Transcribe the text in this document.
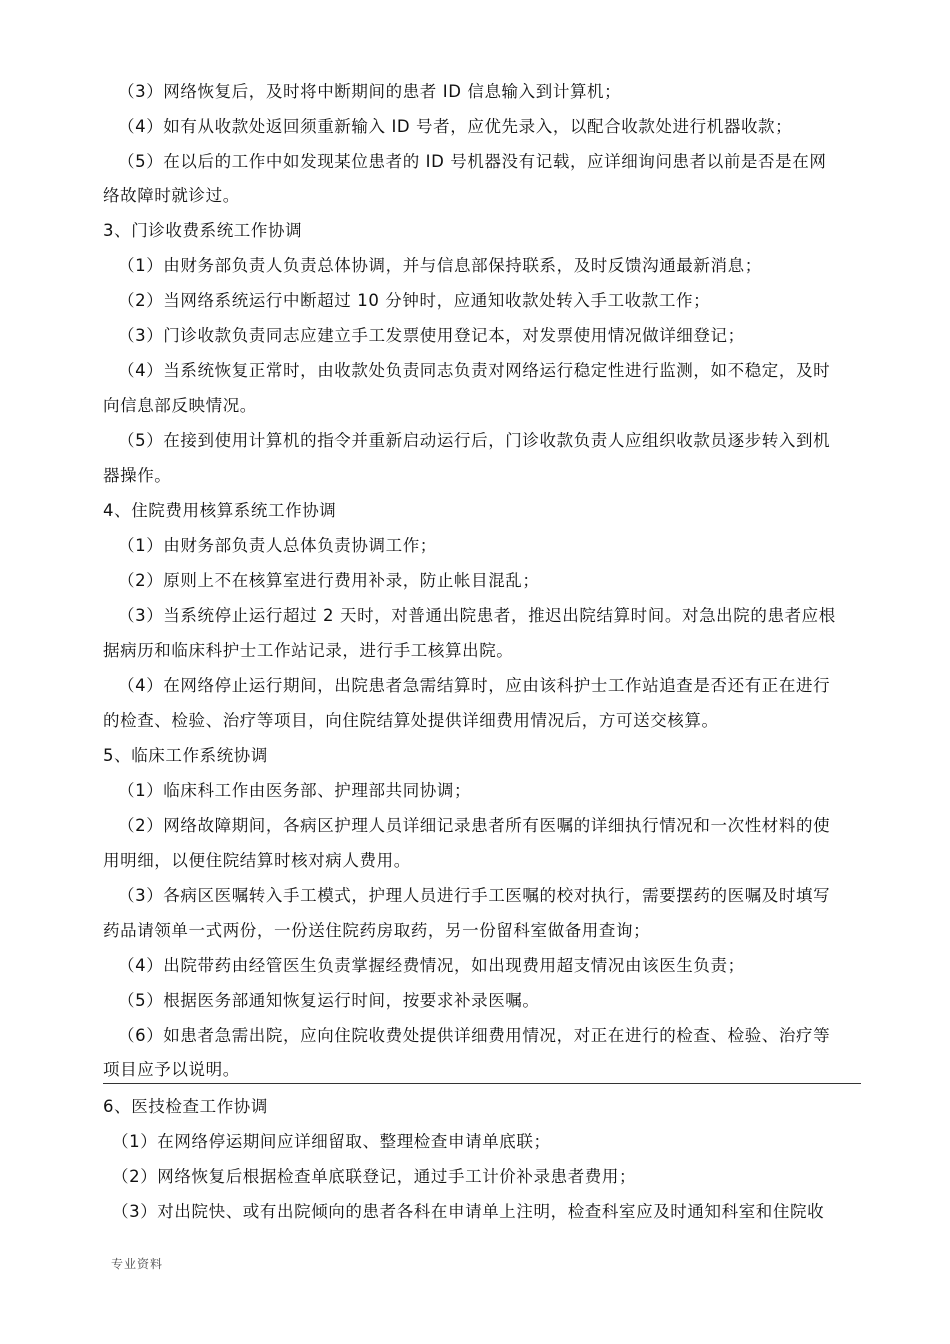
（3）网络恢复后，及时将中断期间的患者 ID 信息输入到计算机；
（4）如有从收款处返回须重新输入 ID 号者，应优先录入，以配合收款处进行机器收款；
（5）在以后的工作中如发现某位患者的 ID 号机器没有记载，应详细询问患者以前是否是在网
络故障时就诊过。
3、门诊收费系统工作协调
（1）由财务部负责人负责总体协调，并与信息部保持联系，及时反馈沟通最新消息；
（2）当网络系统运行中断超过 10 分钟时，应通知收款处转入手工收款工作；
（3）门诊收款负责同志应建立手工发票使用登记本，对发票使用情况做详细登记；
（4）当系统恢复正常时，由收款处负责同志负责对网络运行稳定性进行监测，如不稳定，及时
向信息部反映情况。
（5）在接到使用计算机的指令并重新启动运行后，门诊收款负责人应组织收款员逐步转入到机
器操作。
4、住院费用核算系统工作协调
（1）由财务部负责人总体负责协调工作；
（2）原则上不在核算室进行费用补录，防止帐目混乱；
（3）当系统停止运行超过 2 天时，对普通出院患者，推迟出院结算时间。对急出院的患者应根
据病历和临床科护士工作站记录，进行手工核算出院。
（4）在网络停止运行期间，出院患者急需结算时，应由该科护士工作站追查是否还有正在进行
的检查、检验、治疗等项目，向住院结算处提供详细费用情况后，方可送交核算。
5、临床工作系统协调
（1）临床科工作由医务部、护理部共同协调；
（2）网络故障期间，各病区护理人员详细记录患者所有医嘱的详细执行情况和一次性材料的使
用明细，以便住院结算时核对病人费用。
（3）各病区医嘱转入手工模式，护理人员进行手工医嘱的校对执行，需要摆药的医嘱及时填写
药品请领单一式两份，一份送住院药房取药，另一份留科室做备用查询；
（4）出院带药由经管医生负责掌握经费情况，如出现费用超支情况由该医生负责；
（5）根据医务部通知恢复运行时间，按要求补录医嘱。
（6）如患者急需出院，应向住院收费处提供详细费用情况，对正在进行的检查、检验、治疗等
项目应予以说明。
6、医技检查工作协调
（1）在网络停运期间应详细留取、整理检查申请单底联；
（2）网络恢复后根据检查单底联登记，通过手工计价补录患者费用；
（3）对出院快、或有出院倾向的患者各科在申请单上注明，检查科室应及时通知科室和住院收
专业资料
